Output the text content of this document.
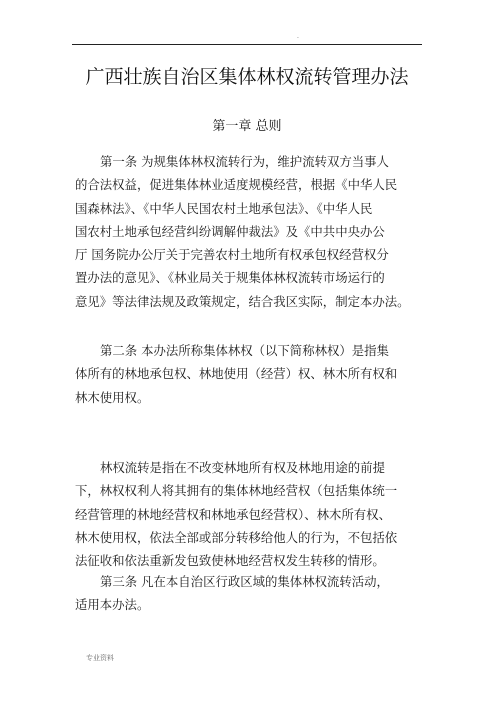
.
广西壮族自治区集体林权流转管理办法
第一章 总则
第一条 为规集体林权流转行为，维护流转双方当事人
的合法权益，促进集体林业适度规模经营，根据《中华人民
国森林法》、《中华人民国农村土地承包法》、《中华人民
国农村土地承包经营纠纷调解仲裁法》及《中共中央办公
厅 国务院办公厅关于完善农村土地所有权承包权经营权分
置办法的意见》、《林业局关于规集体林权流转市场运行的
意见》等法律法规及政策规定，结合我区实际，制定本办法。
第二条 本办法所称集体林权（以下简称林权）是指集
体所有的林地承包权、林地使用（经营）权、林木所有权和
林木使用权。
林权流转是指在不改变林地所有权及林地用途的前提
下，林权权利人将其拥有的集体林地经营权（包括集体统一
经营管理的林地经营权和林地承包经营权）、林木所有权、
林木使用权，依法全部或部分转移给他人的行为，不包括依
法征收和依法重新发包致使林地经营权发生转移的情形。
第三条 凡在本自治区行政区域的集体林权流转活动，
适用本办法。
专业资料
